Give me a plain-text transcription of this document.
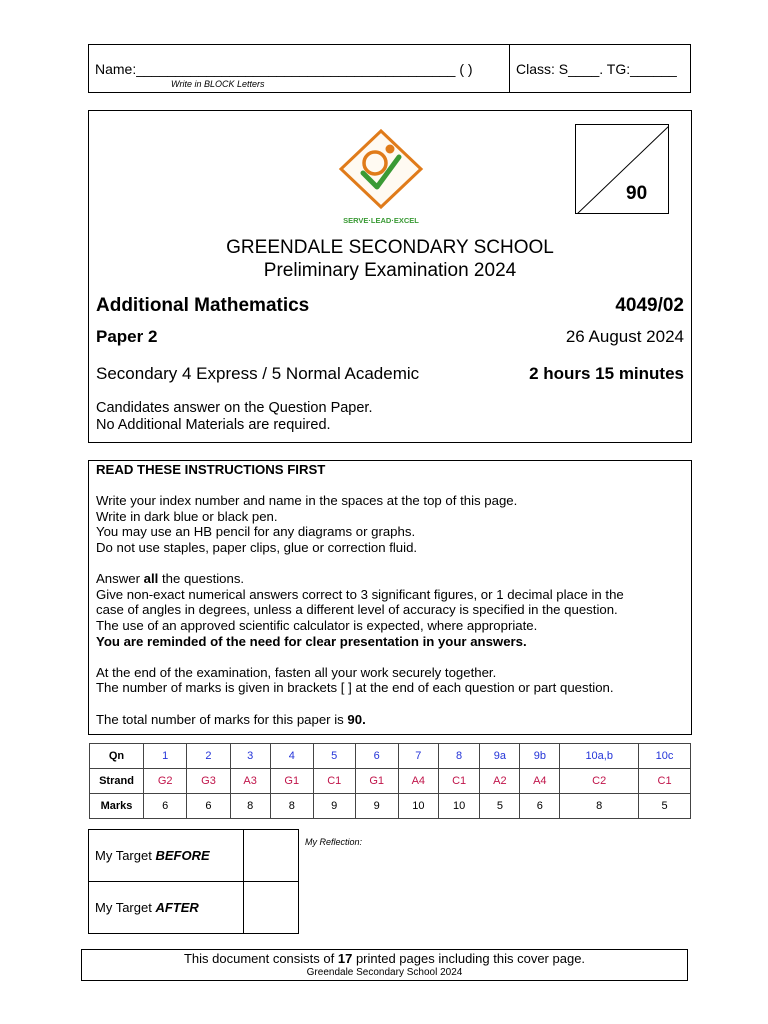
Name:_________________________________________ ( )
Write in BLOCK Letters
Class: S____. TG:______
SERVE·LEAD·EXCEL
90
GREENDALE SECONDARY SCHOOL
Preliminary Examination 2024
Additional Mathematics	4049/02
Paper 2	26 August 2024
Secondary 4 Express / 5 Normal Academic	2 hours 15 minutes
Candidates answer on the Question Paper.
No Additional Materials are required.

READ THESE INSTRUCTIONS FIRST

Write your index number and name in the spaces at the top of this page.

Write in dark blue or black pen.

You may use an HB pencil for any diagrams or graphs.

Do not use staples, paper clips, glue or correction fluid.

Answer all the questions.

Give non-exact numerical answers correct to 3 significant figures, or 1 decimal place in the

case of angles in degrees, unless a different level of accuracy is specified in the question.

The use of an approved scientific calculator is expected, where appropriate.

You are reminded of the need for clear presentation in your answers.

At the end of the examination, fasten all your work securely together.

The number of marks is given in brackets [ ] at the end of each question or part question.

The total number of marks for this paper is 90.

Qn	1	2	3	4	5	6	7	8	9a	9b	10a,b	10c
Strand	G2	G3	A3	G1	C1	G1	A4	C1	A2	A4	C2	C1
Marks	6	6	8	8	9	9	10	10	5	6	8	5
My Target BEFORE	
My Target AFTER	
My Reflection:
This document consists of 17 printed pages including this cover page.
Greendale Secondary School 2024
